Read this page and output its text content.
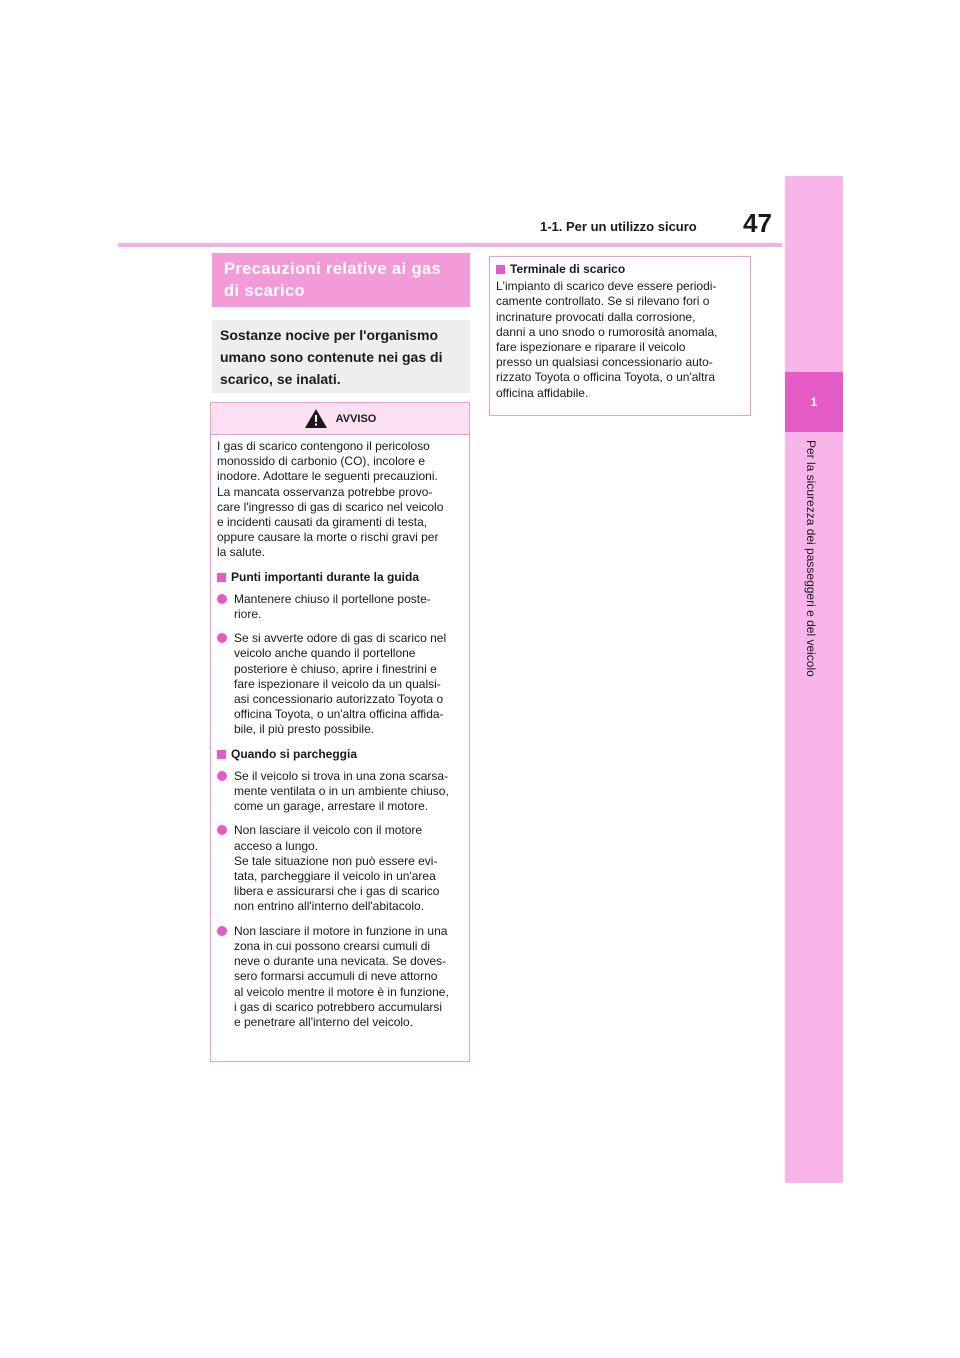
1-1. Per un utilizzo sicuro 47
1
Per la sicurezza dei passeggeri e del veicolo
Precauzioni relative ai gas di scarico
Sostanze nocive per l'organismo umano sono contenute nei gas di scarico, se inalati.
AVVISO

I gas di scarico contengono il pericoloso
monossido di carbonio (CO), incolore e
inodore. Adottare le seguenti precauzioni.
La mancata osservanza potrebbe provo-
care l'ingresso di gas di scarico nel veicolo
e incidenti causati da giramenti di testa,
oppure causare la morte o rischi gravi per
la salute.

Punti importanti durante la guida
Mantenere chiuso il portellone poste-
riore.
Se si avverte odore di gas di scarico nel
veicolo anche quando il portellone
posteriore è chiuso, aprire i finestrini e
fare ispezionare il veicolo da un qualsi-
asi concessionario autorizzato Toyota o
officina Toyota, o un'altra officina affida-
bile, il più presto possibile.
Quando si parcheggia
Se il veicolo si trova in una zona scarsa-
mente ventilata o in un ambiente chiuso,
come un garage, arrestare il motore.
Non lasciare il veicolo con il motore
acceso a lungo.
Se tale situazione non può essere evi-
tata, parcheggiare il veicolo in un'area
libera e assicurarsi che i gas di scarico
non entrino all'interno dell'abitacolo.
Non lasciare il motore in funzione in una
zona in cui possono crearsi cumuli di
neve o durante una nevicata. Se doves-
sero formarsi accumuli di neve attorno
al veicolo mentre il motore è in funzione,
i gas di scarico potrebbero accumularsi
e penetrare all'interno del veicolo.
Terminale di scarico

L'impianto di scarico deve essere periodi-
camente controllato. Se si rilevano fori o
incrinature provocati dalla corrosione,
danni a uno snodo o rumorosità anomala,
fare ispezionare e riparare il veicolo
presso un qualsiasi concessionario auto-
rizzato Toyota o officina Toyota, o un'altra
officina affidabile.
